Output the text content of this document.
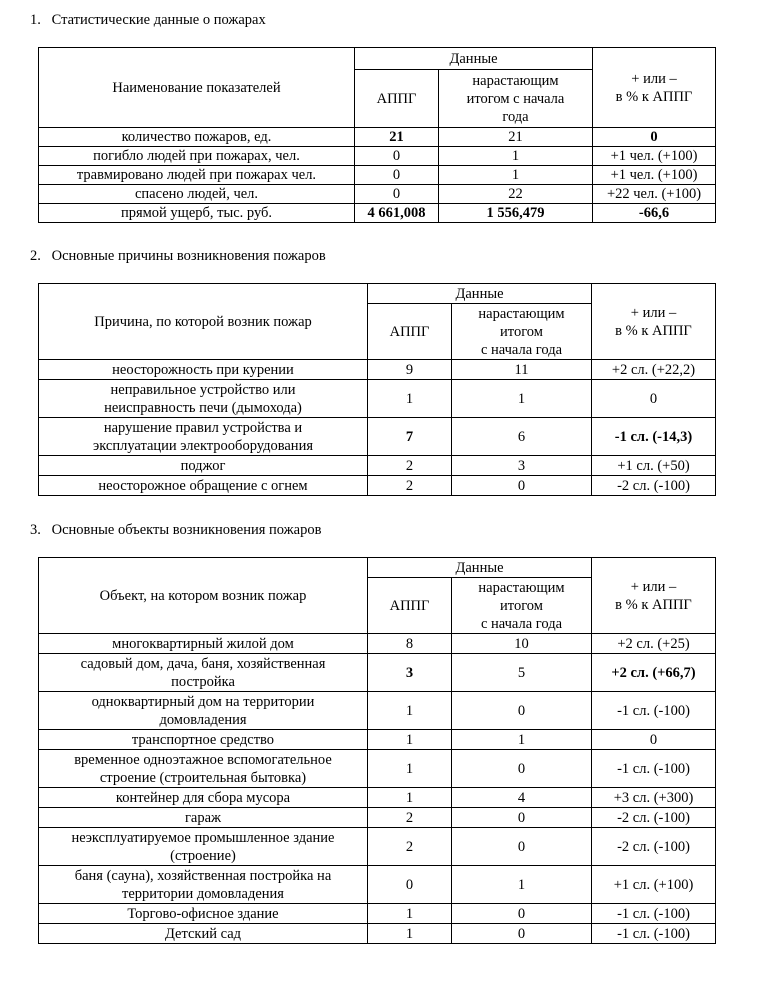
1. Статистические данные о пожарах
Наименование показателей	Данные		+ или –
в % к АППГ
	АППГ	нарастающим
итогом с начала
года	
количество пожаров, ед.	21	21	0
погибло людей при пожарах, чел.	0	1	+1 чел. (+100)
травмировано людей при пожарах чел.	0	1	+1 чел. (+100)
спасено людей, чел.	0	22	+22 чел. (+100)
прямой ущерб, тыс. руб.	4 661,008	1 556,479	-66,6
2. Основные причины возникновения пожаров
Причина, по которой возник пожар	Данные		+ или –
в % к АППГ
	АППГ	нарастающим
итогом
с начала года	
неосторожность при курении	9	11	+2 сл. (+22,2)
неправильное устройство или
неисправность печи (дымохода)	1	1	0
нарушение правил устройства и
эксплуатации электрооборудования	7	6	-1 сл. (-14,3)
поджог	2	3	+1 сл. (+50)
неосторожное обращение с огнем	2	0	-2 сл. (-100)
3. Основные объекты возникновения пожаров
Объект, на котором возник пожар	Данные		+ или –
в % к АППГ
	АППГ	нарастающим
итогом
с начала года	
многоквартирный жилой дом	8	10	+2 сл. (+25)
садовый дом, дача, баня, хозяйственная
постройка	3	5	+2 сл. (+66,7)
одноквартирный дом на территории
домовладения	1	0	-1 сл. (-100)
транспортное средство	1	1	0
временное одноэтажное вспомогательное
строение (строительная бытовка)	1	0	-1 сл. (-100)
контейнер для сбора мусора	1	4	+3 сл. (+300)
гараж	2	0	-2 сл. (-100)
неэксплуатируемое промышленное здание
(строение)	2	0	-2 сл. (-100)
баня (сауна), хозяйственная постройка на
территории домовладения	0	1	+1 сл. (+100)
Торгово-офисное здание	1	0	-1 сл. (-100)
Детский сад	1	0	-1 сл. (-100)
